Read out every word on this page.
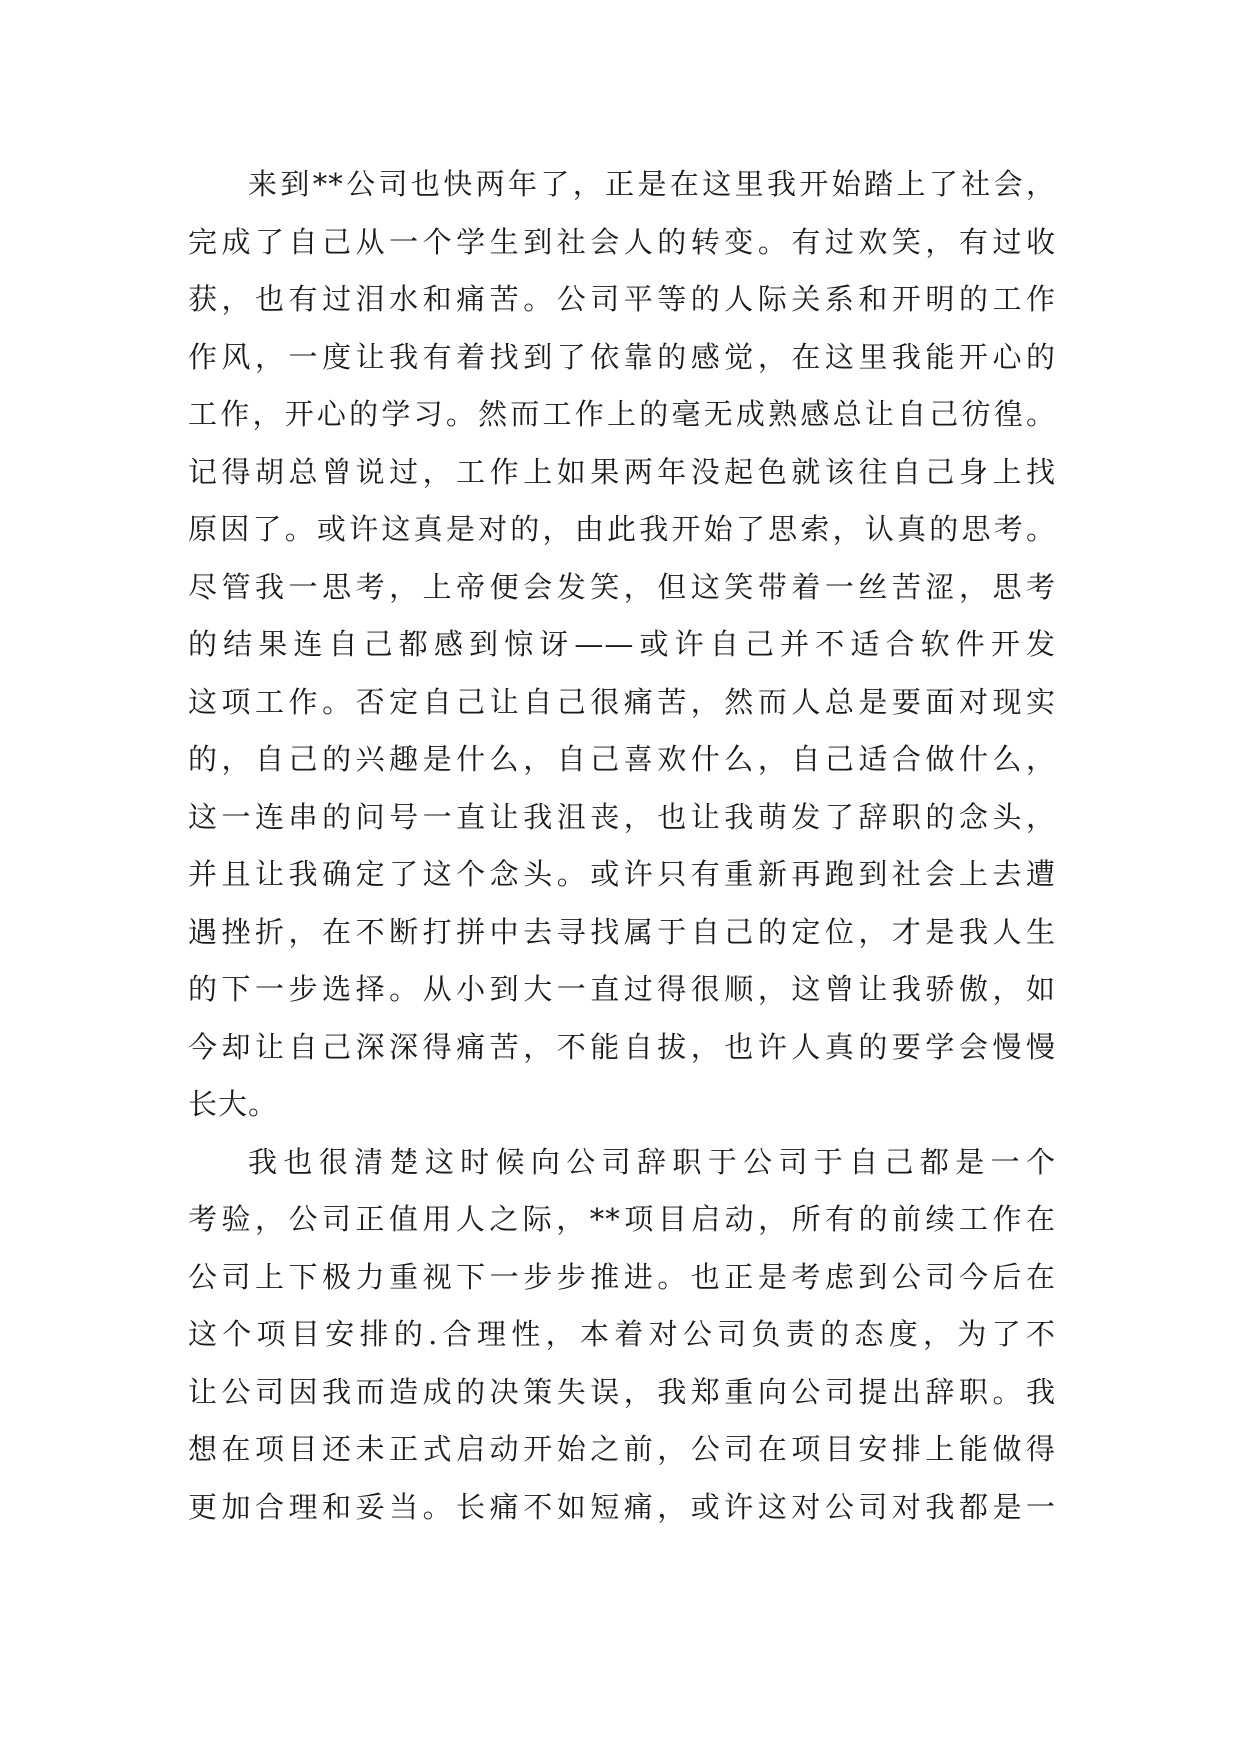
来到**公司也快两年了，正是在这里我开始踏上了社会，
完成了自己从一个学生到社会人的转变。有过欢笑，有过收
获，也有过泪水和痛苦。公司平等的人际关系和开明的工作
作风，一度让我有着找到了依靠的感觉，在这里我能开心的
工作，开心的学习。然而工作上的毫无成熟感总让自己彷徨。
记得胡总曾说过，工作上如果两年没起色就该往自己身上找
原因了。或许这真是对的，由此我开始了思索，认真的思考。
尽管我一思考，上帝便会发笑，但这笑带着一丝苦涩，思考
的结果连自己都感到惊讶——或许自己并不适合软件开发
这项工作。否定自己让自己很痛苦，然而人总是要面对现实
的，自己的兴趣是什么，自己喜欢什么，自己适合做什么，
这一连串的问号一直让我沮丧，也让我萌发了辞职的念头，
并且让我确定了这个念头。或许只有重新再跑到社会上去遭
遇挫折，在不断打拼中去寻找属于自己的定位，才是我人生
的下一步选择。从小到大一直过得很顺，这曾让我骄傲，如
今却让自己深深得痛苦，不能自拔，也许人真的要学会慢慢
长大。
我也很清楚这时候向公司辞职于公司于自己都是一个
考验，公司正值用人之际，**项目启动，所有的前续工作在
公司上下极力重视下一步步推进。也正是考虑到公司今后在
这个项目安排的.合理性，本着对公司负责的态度，为了不
让公司因我而造成的决策失误，我郑重向公司提出辞职。我
想在项目还未正式启动开始之前，公司在项目安排上能做得
更加合理和妥当。长痛不如短痛，或许这对公司对我都是一
